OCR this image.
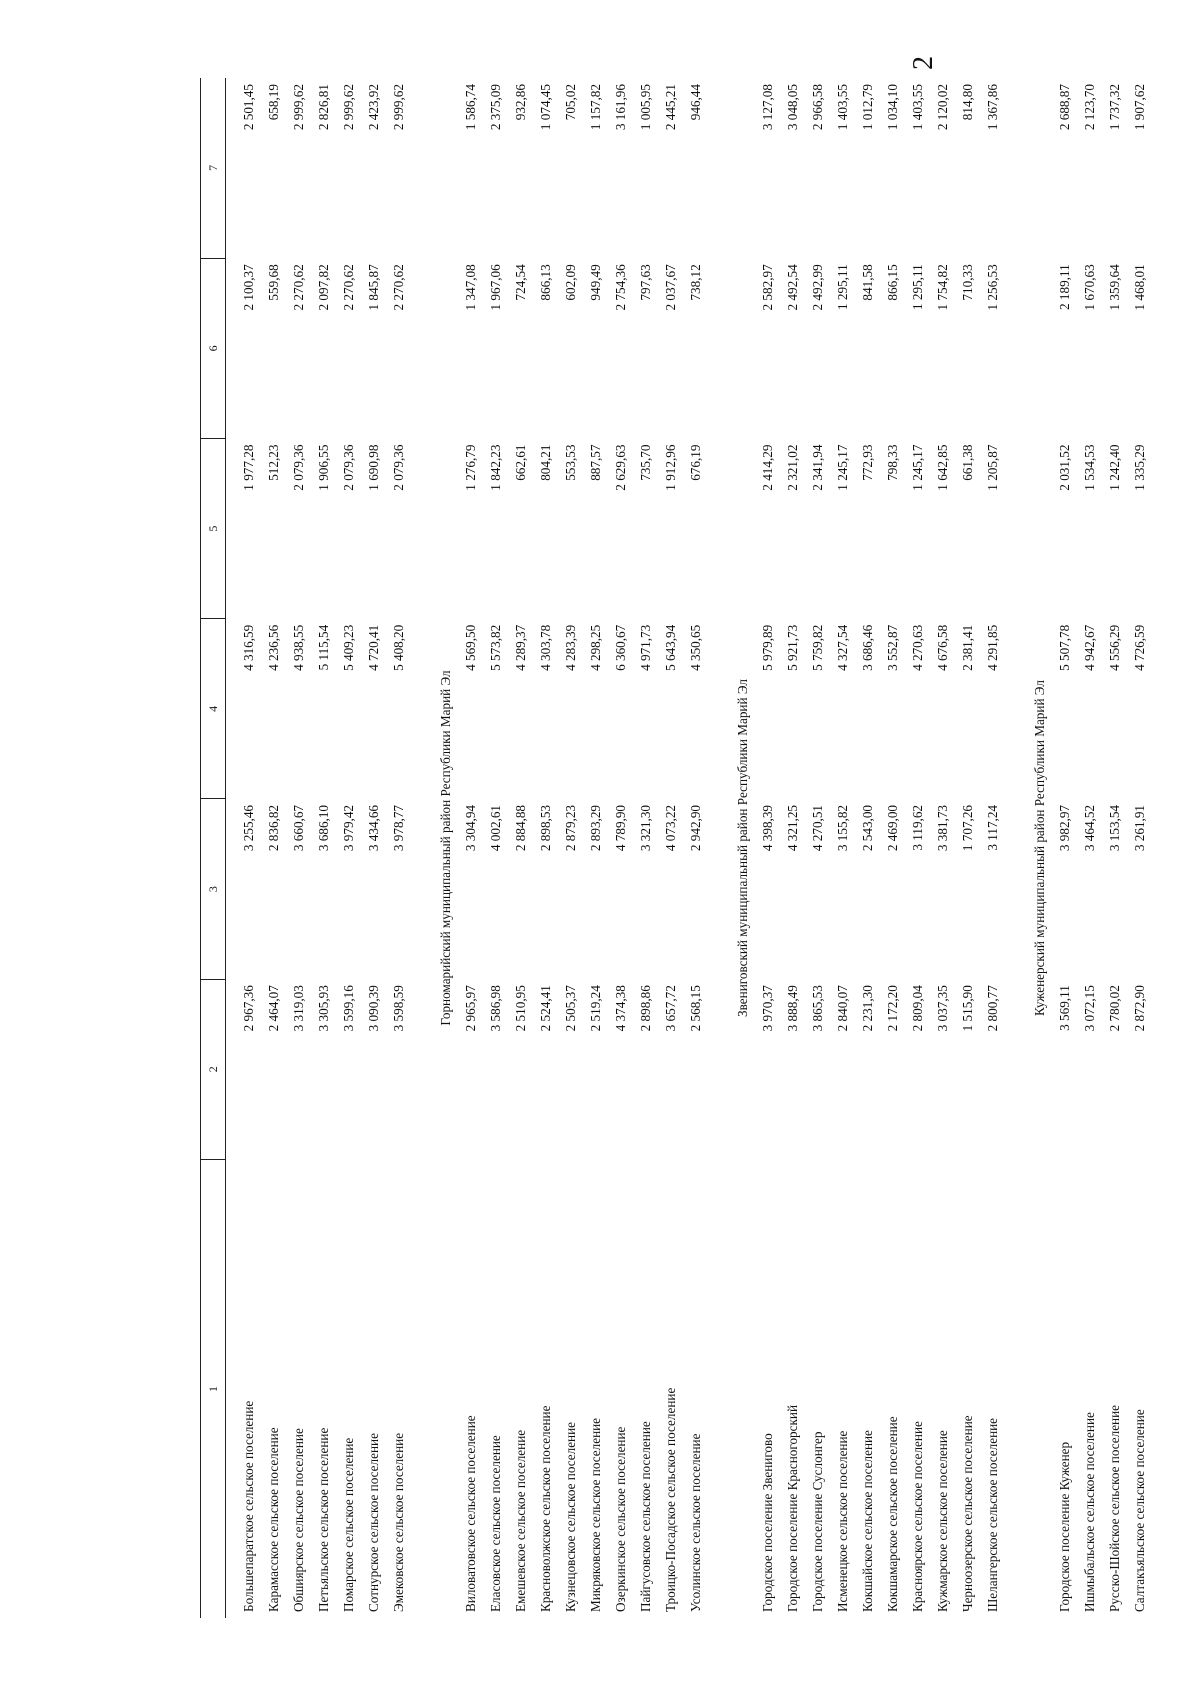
2
1	2	3	4	5	6	7

Большепаратское сельское поселение	2 967,36	3 255,46	4 316,59	1 977,28	2 100,37	2 501,45
Карамасское сельское поселение	2 464,07	2 836,82	4 236,56	512,23	559,68	658,19
Обшиярское сельское поселение	3 319,03	3 660,67	4 938,55	2 079,36	2 270,62	2 999,62
Петъяльское сельское поселение	3 305,93	3 686,10	5 115,54	1 906,55	2 097,82	2 826,81
Помарское сельское поселение	3 599,16	3 979,42	5 409,23	2 079,36	2 270,62	2 999,62
Сотнурское сельское поселение	3 090,39	3 434,66	4 720,41	1 690,98	1 845,87	2 423,92
Эмековское сельское поселение	3 598,59	3 978,77	5 408,20	2 079,36	2 270,62	2 999,62

Горномарийский муниципальный район Республики Марий Эл						
Виловатовское сельское поселение	2 965,97	3 304,94	4 569,50	1 276,79	1 347,08	1 586,74
Еласовское сельское поселение	3 586,98	4 002,61	5 573,82	1 842,23	1 967,06	2 375,09
Емешевское сельское поселение	2 510,95	2 884,88	4 289,37	662,61	724,54	932,86
Красноволжское сельское поселение	2 524,41	2 898,53	4 303,78	804,21	866,13	1 074,45
Кузнецовское сельское поселение	2 505,37	2 879,23	4 283,39	553,53	602,09	705,02
Микряковское сельское поселение	2 519,24	2 893,29	4 298,25	887,57	949,49	1 157,82
Озеркинское сельское поселение	4 374,38	4 789,90	6 360,67	2 629,63	2 754,36	3 161,96
Пайгусовское сельское поселение	2 898,86	3 321,30	4 971,73	735,70	797,63	1 005,95
Троицко-Посадское сельское поселение	3 657,72	4 073,22	5 643,94	1 912,96	2 037,67	2 445,21
Усолинское сельское поселение	2 568,15	2 942,90	4 350,65	676,19	738,12	946,44

Звениговский муниципальный район Республики Марий Эл						
Городское поселение Звенигово	3 970,37	4 398,39	5 979,89	2 414,29	2 582,97	3 127,08
Городское поселение Красногорский	3 888,49	4 321,25	5 921,73	2 321,02	2 492,54	3 048,05
Городское поселение Суслонгер	3 865,53	4 270,51	5 759,82	2 341,94	2 492,99	2 966,58
Исменецкое сельское поселение	2 840,07	3 155,82	4 327,54	1 245,17	1 295,11	1 403,55
Кокшайское сельское поселение	2 231,30	2 543,00	3 686,46	772,93	841,58	1 012,79
Кокшамарское сельское поселение	2 172,20	2 469,00	3 552,87	798,33	866,15	1 034,10
Красноярское сельское поселение	2 809,04	3 119,62	4 270,63	1 245,17	1 295,11	1 403,55
Кужмарское сельское поселение	3 037,35	3 381,73	4 676,58	1 642,85	1 754,82	2 120,02
Черноозерское сельское поселение	1 515,90	1 707,26	2 381,41	661,38	710,33	814,80
Шелангерское сельское поселение	2 800,77	3 117,24	4 291,85	1 205,87	1 256,53	1 367,86

Куженерский муниципальный район Республики Марий Эл						
Городское поселение Куженер	3 569,11	3 982,97	5 507,78	2 031,52	2 189,11	2 688,87
Ишмыбальское сельское поселение	3 072,15	3 464,52	4 942,67	1 534,53	1 670,63	2 123,70
Русско-Шойское сельское поселение	2 780,02	3 153,54	4 556,29	1 242,40	1 359,64	1 737,32
Салтакъяльское сельское поселение	2 872,90	3 261,91	4 726,59	1 335,29	1 468,01	1 907,62
